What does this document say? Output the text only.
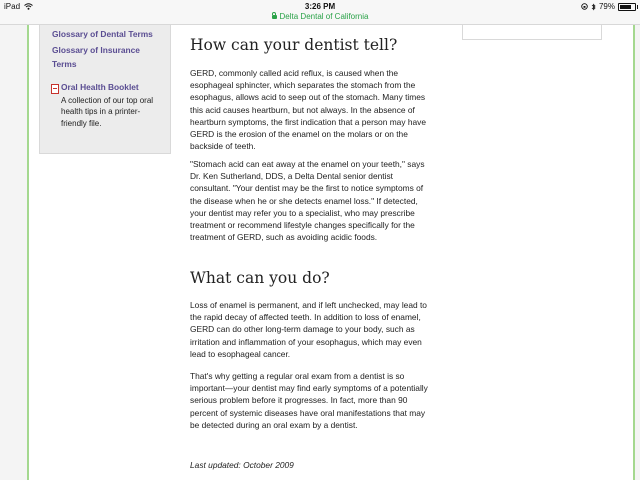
iPad	3:26 PM
Delta Dental of California
79%
Glossary of Dental Terms
Glossary of Insurance Terms
Oral Health Booklet
A collection of our top oral health tips in a printer-friendly file.
How can your dentist tell?

GERD, commonly called acid reflux, is caused when the esophageal sphincter, which separates the stomach from the esophagus, allows acid to seep out of the stomach. Many times this acid causes heartburn, but not always. In the absence of heartburn symptoms, the first indication that a person may have GERD is the erosion of the enamel on the molars or on the backside of teeth.

"Stomach acid can eat away at the enamel on your teeth," says Dr. Ken Sutherland, DDS, a Delta Dental senior dentist consultant. "Your dentist may be the first to notice symptoms of the disease when he or she detects enamel loss." If detected, your dentist may refer you to a specialist, who may prescribe treatment or recommend lifestyle changes specifically for the treatment of GERD, such as avoiding acidic foods.

What can you do?

Loss of enamel is permanent, and if left unchecked, may lead to the rapid decay of affected teeth. In addition to loss of enamel, GERD can do other long-term damage to your body, such as irritation and inflammation of your esophagus, which may even lead to esophageal cancer.

That's why getting a regular oral exam from a dentist is so important—your dentist may find early symptoms of a potentially serious problem before it progresses. In fact, more than 90 percent of systemic diseases have oral manifestations that may be detected during an oral exam by a dentist.

Last updated: October 2009
